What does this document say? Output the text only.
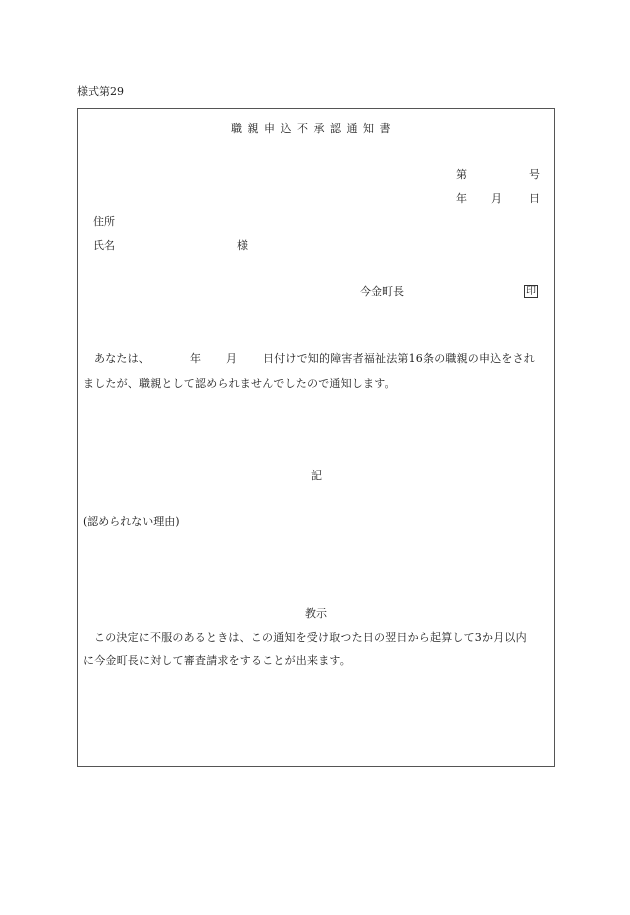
様式第29
職親申込不承認通知書
第	号
年 月 日
住所
氏名	様
今金町長	印
あなたは、	年 月 日付けで知的障害者福祉法第16条の職親の申込をされ
ましたが、職親として認められませんでしたので通知します。
記
(認められない理由)
教示
この決定に不服のあるときは、この通知を受け取つた日の翌日から起算して3か月以内
に今金町長に対して審査請求をすることが出来ます。
